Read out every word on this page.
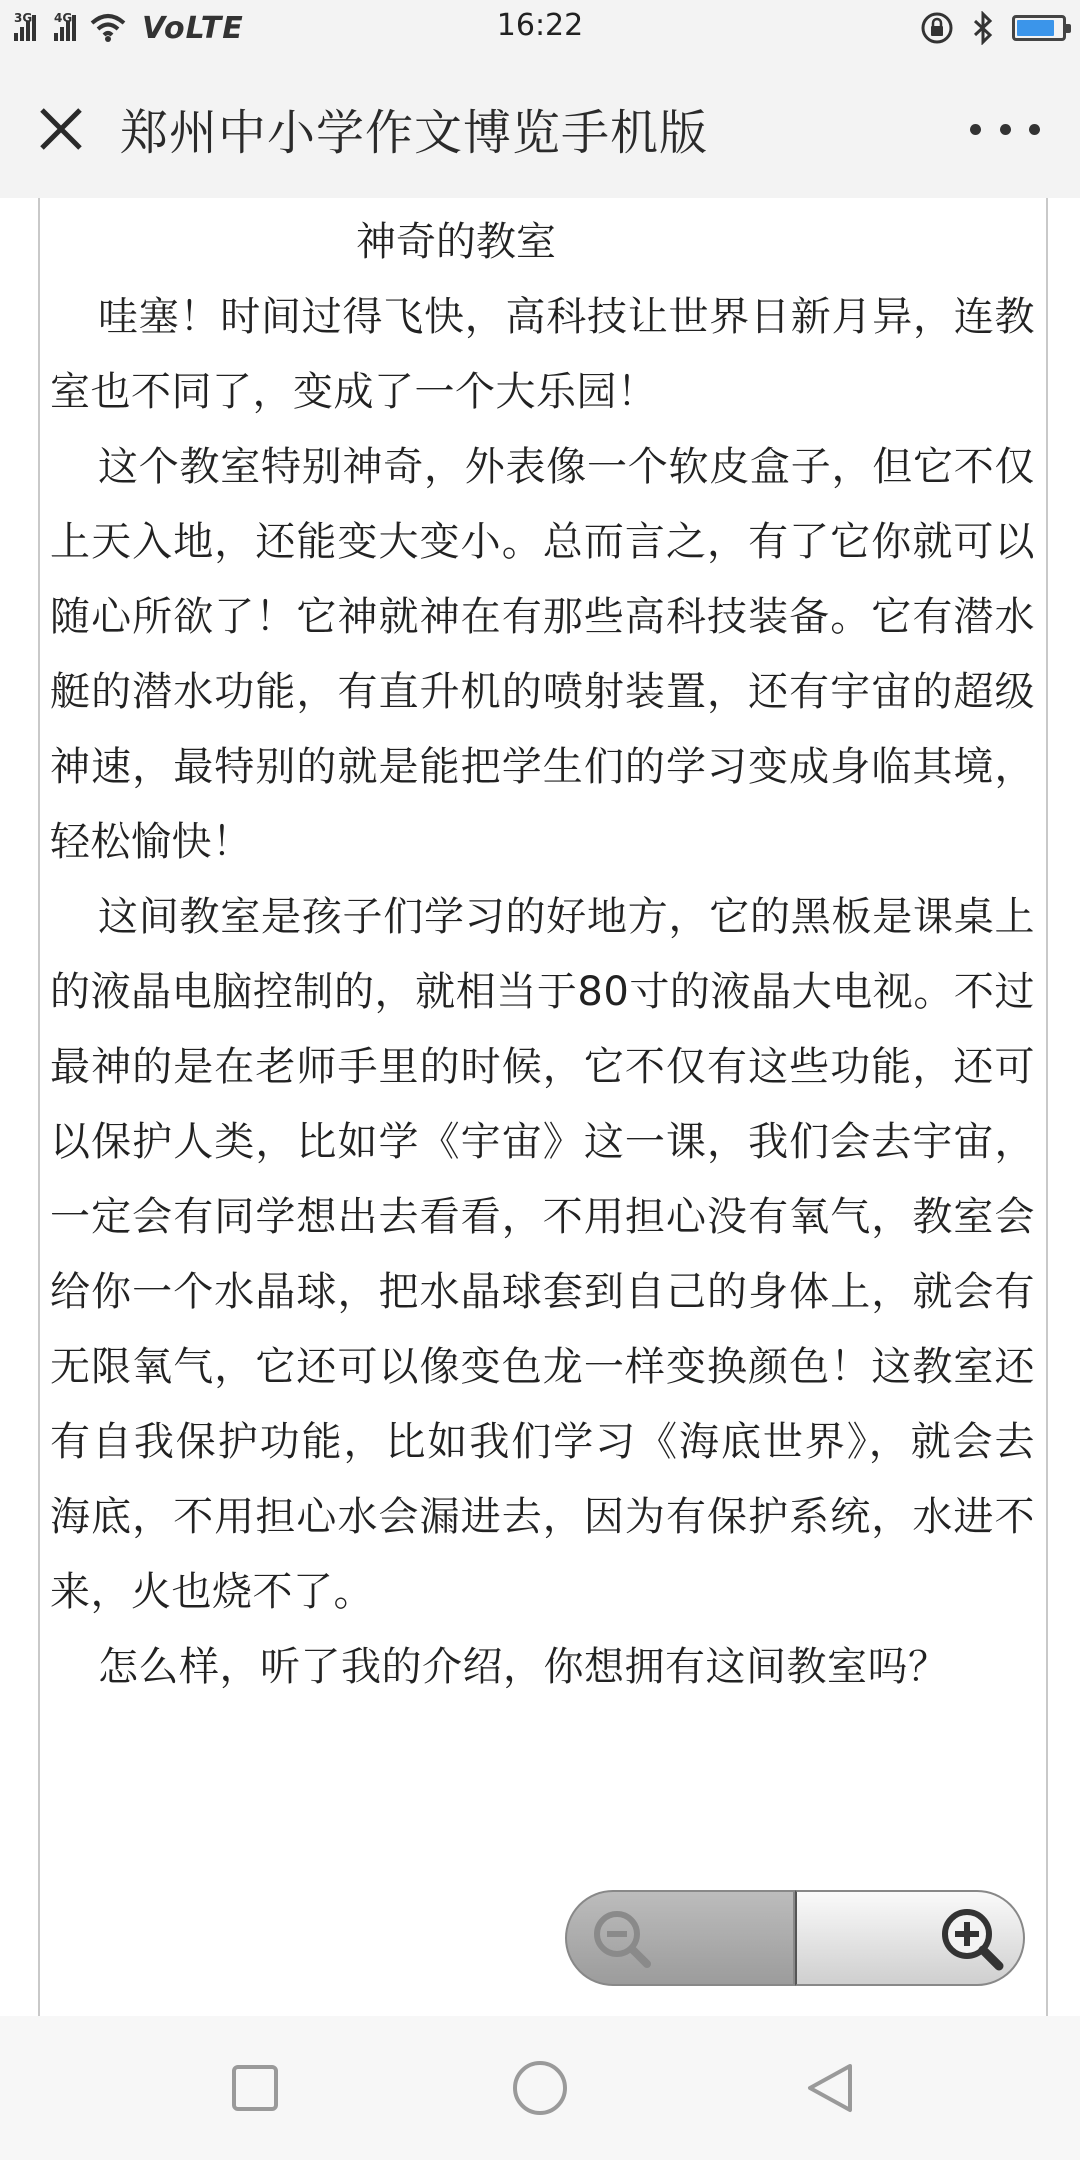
3G 4G VoLTE	16:22
郑州中小学作文博览手机版
神奇的教室

哇塞！时间过得飞快，高科技让世界日新月异，连教室也不同了，变成了一个大乐园！

这个教室特别神奇，外表像一个软皮盒子，但它不仅上天入地，还能变大变小。总而言之，有了它你就可以随心所欲了！它神就神在有那些高科技装备。它有潜水艇的潜水功能，有直升机的喷射装置，还有宇宙的超级神速，最特别的就是能把学生们的学习变成身临其境，轻松愉快！

这间教室是孩子们学习的好地方，它的黑板是课桌上的液晶电脑控制的，就相当于80寸的液晶大电视。不过最神的是在老师手里的时候，它不仅有这些功能，还可以保护人类，比如学《宇宙》这一课，我们会去宇宙，一定会有同学想出去看看，不用担心没有氧气，教室会给你一个水晶球，把水晶球套到自己的身体上，就会有无限氧气，它还可以像变色龙一样变换颜色！这教室还有自我保护功能，比如我们学习《海底世界》，就会去海底，不用担心水会漏进去，因为有保护系统，水进不来，火也烧不了。

怎么样，听了我的介绍，你想拥有这间教室吗？
